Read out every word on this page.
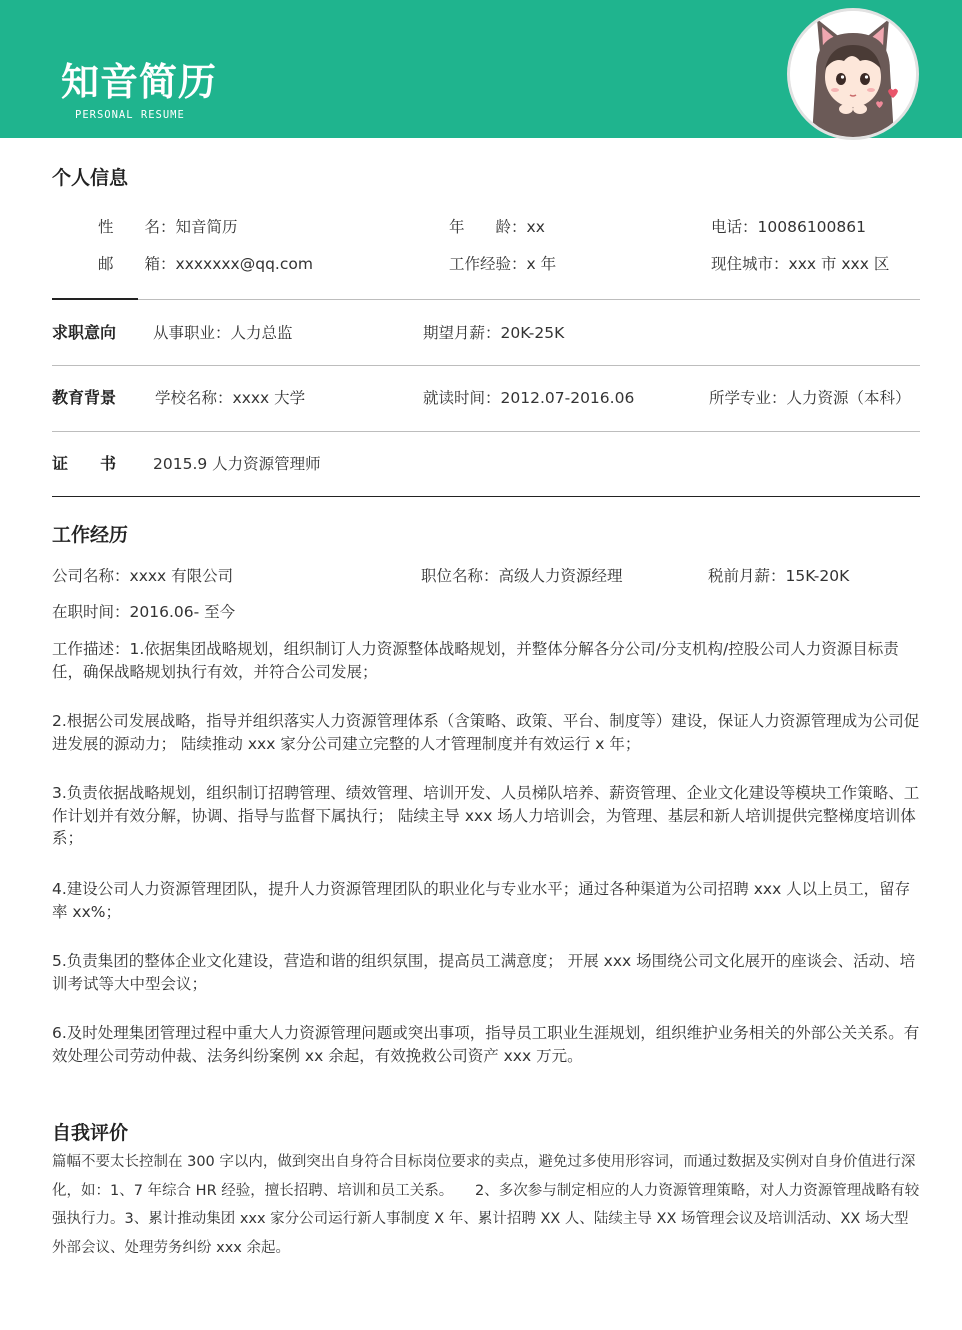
知音简历
PERSONAL RESUME
个人信息
性　　名：知音简历	年　　龄：xx	电话：10086100861
邮　　箱：xxxxxxx@qq.com	工作经验：x 年	现住城市：xxx 市 xxx 区
求职意向 从事职业：人力总监	期望月薪：20K-25K
教育背景	学校名称：xxxx 大学	就读时间：2012.07-2016.06	所学专业：人力资源（本科）
证　　书 2015.9 人力资源管理师
工作经历
公司名称：xxxx 有限公司	职位名称：高级人力资源经理	税前月薪：15K-20K
在职时间：2016.06- 至今
工作描述：1.依据集团战略规划，组织制订人力资源整体战略规划，并整体分解各分公司/分支机构/控股公司人力资源目标责任，确保战略规划执行有效，并符合公司发展；
2.根据公司发展战略，指导并组织落实人力资源管理体系（含策略、政策、平台、制度等）建设，保证人力资源管理成为公司促进发展的源动力； 陆续推动 xxx 家分公司建立完整的人才管理制度并有效运行 x 年；
3.负责依据战略规划，组织制订招聘管理、绩效管理、培训开发、人员梯队培养、薪资管理、企业文化建设等模块工作策略、工作计划并有效分解，协调、指导与监督下属执行； 陆续主导 xxx 场人力培训会，为管理、基层和新人培训提供完整梯度培训体系；
4.建设公司人力资源管理团队，提升人力资源管理团队的职业化与专业水平；通过各种渠道为公司招聘 xxx 人以上员工，留存率 xx%；
5.负责集团的整体企业文化建设，营造和谐的组织氛围，提高员工满意度； 开展 xxx 场围绕公司文化展开的座谈会、活动、培训考试等大中型会议；
6.及时处理集团管理过程中重大人力资源管理问题或突出事项，指导员工职业生涯规划，组织维护业务相关的外部公关关系。有效处理公司劳动仲裁、法务纠纷案例 xx 余起，有效挽救公司资产 xxx 万元。
自我评价
篇幅不要太长控制在 300 字以内，做到突出自身符合目标岗位要求的卖点，避免过多使用形容词，而通过数据及实例对自身价值进行深化，如：1、7 年综合 HR 经验，擅长招聘、培训和员工关系。　　2、多次参与制定相应的人力资源管理策略，对人力资源管理战略有较强执行力。3、累计推动集团 xxx 家分公司运行新人事制度 X 年、累计招聘 XX 人、陆续主导 XX 场管理会议及培训活动、XX 场大型外部会议、处理劳务纠纷 xxx 余起。
